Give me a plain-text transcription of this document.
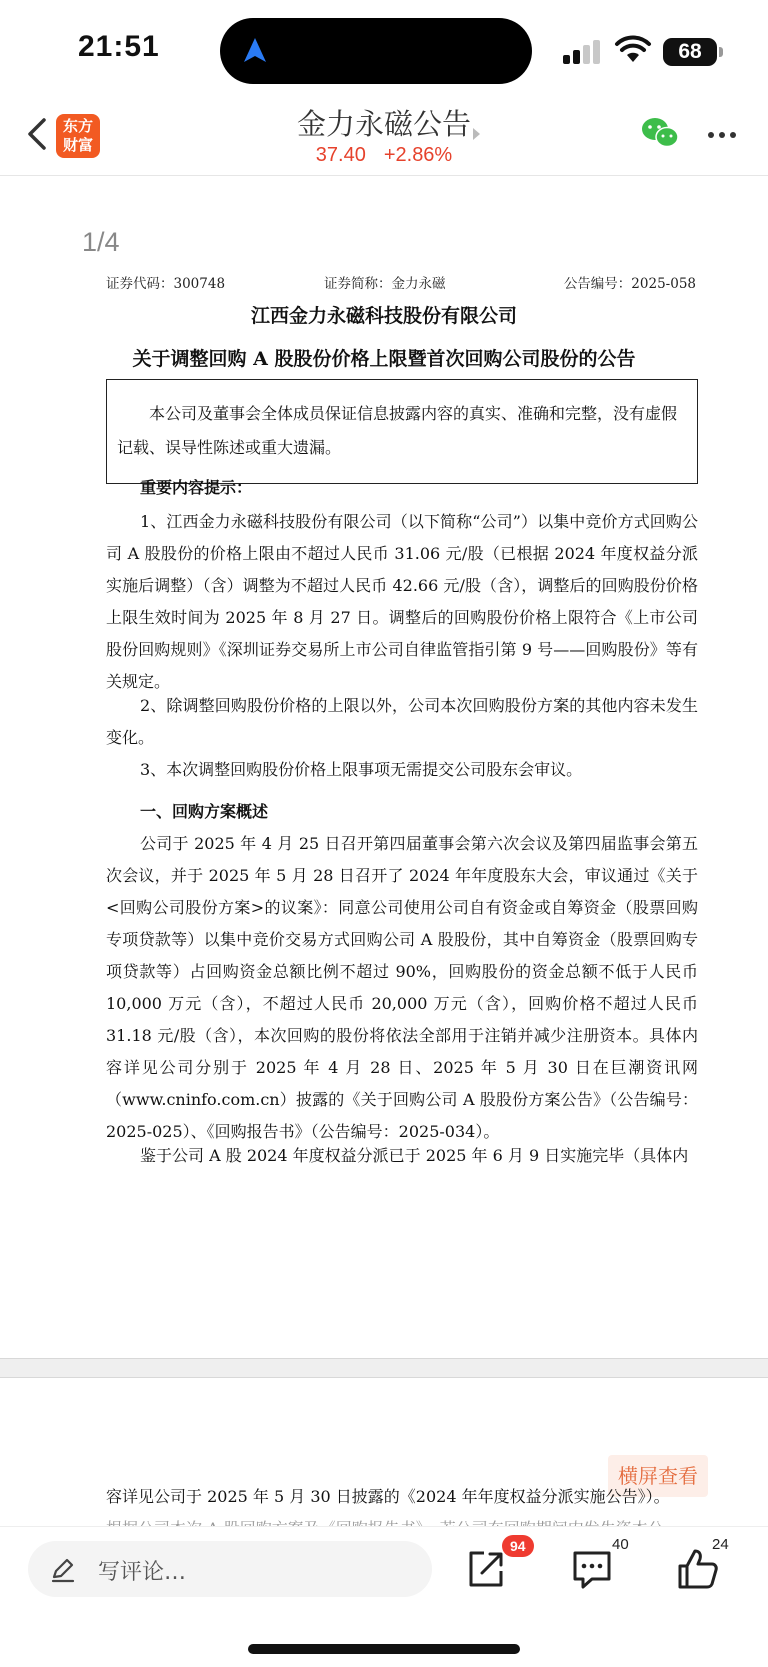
21:51	68
东方
财富
金力永磁公告
37.40 +2.86%
1/4
证券代码：300748	证券简称：金力永磁	公告编号：2025-058
江西金力永磁科技股份有限公司
关于调整回购 A 股股份价格上限暨首次回购公司股份的公告
本公司及董事会全体成员保证信息披露内容的真实、准确和完整，没有虚假记载、误导性陈述或重大遗漏。
重要内容提示：
1、江西金力永磁科技股份有限公司（以下简称“公司”）以集中竞价方式回购公司 A 股股份的价格上限由不超过人民币 31.06 元/股（已根据 2024 年度权益分派实施后调整）（含）调整为不超过人民币 42.66 元/股（含），调整后的回购股份价格上限生效时间为 2025 年 8 月 27 日。调整后的回购股份价格上限符合《上市公司股份回购规则》《深圳证券交易所上市公司自律监管指引第 9 号——回购股份》等有关规定。
2、除调整回购股份价格的上限以外，公司本次回购股份方案的其他内容未发生变化。
3、本次调整回购股份价格上限事项无需提交公司股东会审议。
一、回购方案概述
公司于 2025 年 4 月 25 日召开第四届董事会第六次会议及第四届监事会第五次会议，并于 2025 年 5 月 28 日召开了 2024 年年度股东大会，审议通过《关于<回购公司股份方案>的议案》：同意公司使用公司自有资金或自筹资金（股票回购专项贷款等）以集中竞价交易方式回购公司 A 股股份，其中自筹资金（股票回购专项贷款等）占回购资金总额比例不超过 90%，回购股份的资金总额不低于人民币 10,000 万元（含），不超过人民币 20,000 万元（含），回购价格不超过人民币 31.18 元/股（含），本次回购的股份将依法全部用于注销并减少注册资本。具体内容详见公司分别于 2025 年 4 月 28 日、2025 年 5 月 30 日在巨潮资讯网（www.cninfo.com.cn）披露的《关于回购公司 A 股股份方案公告》（公告编号：2025-025）、《回购报告书》（公告编号：2025-034）。
鉴于公司 A 股 2024 年度权益分派已于 2025 年 6 月 9 日实施完毕（具体内
横屏查看
容详见公司于 2025 年 5 月 30 日披露的《2024 年年度权益分派实施公告》）。
写评论…
94	40	24
